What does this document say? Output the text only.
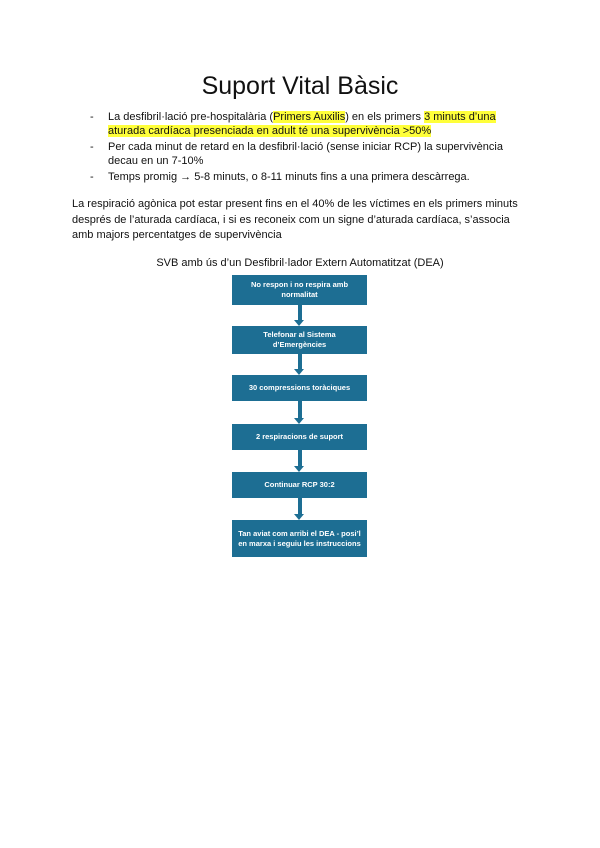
Suport Vital Bàsic
- La desfibril·lació pre-hospitalària (Primers Auxilis) en els primers 3 minuts d’una aturada cardíaca presenciada en adult té una supervivència >50%
- Per cada minut de retard en la desfibril·lació (sense iniciar RCP) la supervivència decau en un 7-10%
- Temps promig → 5-8 minuts, o 8-11 minuts fins a una primera descàrrega.

La respiració agònica pot estar present fins en el 40% de les víctimes en els primers minuts després de l’aturada cardíaca, i si es reconeix com un signe d’aturada cardíaca, s’associa amb majors percentatges de supervivència

SVB amb ús d’un Desfibril·lador Extern Automatitzat (DEA)

No respon i no respira amb normalitat
Telefonar al Sistema d’Emergències
30 compressions toràciques
2 respiracions de suport
Continuar RCP 30:2
Tan aviat com arribi el DEA - posi’l en marxa i seguiu les instruccions
